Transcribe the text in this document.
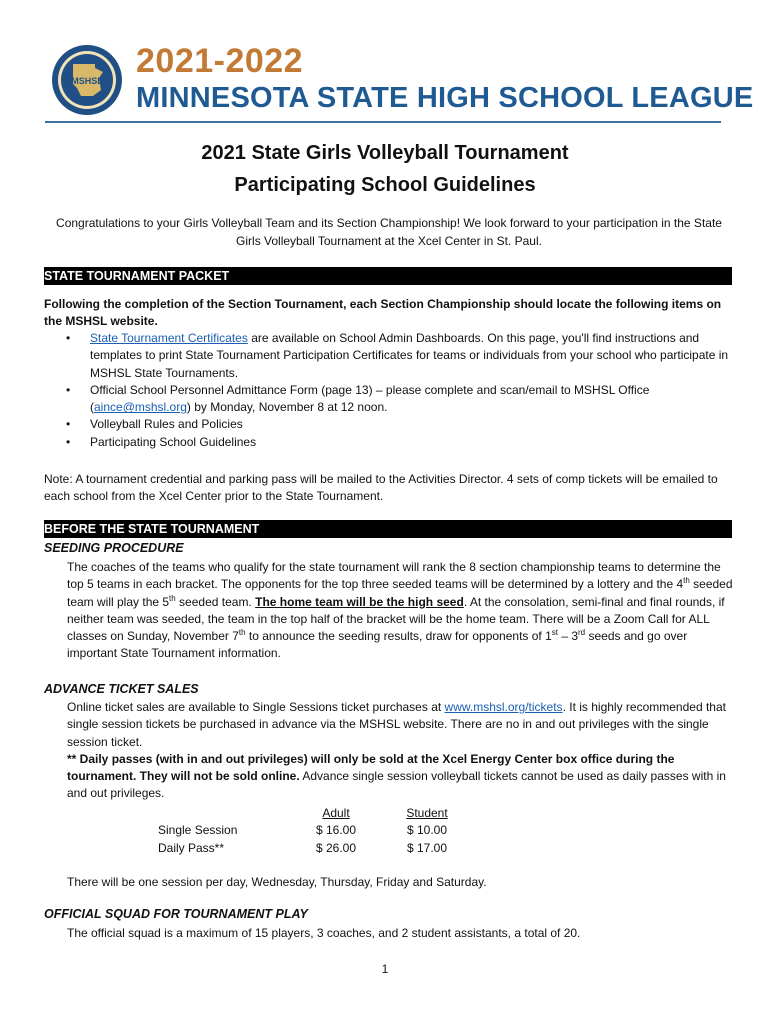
MSHSL
2021-2022
MINNESOTA STATE HIGH SCHOOL LEAGUE
2021 State Girls Volleyball Tournament
Participating School Guidelines
Congratulations to your Girls Volleyball Team and its Section Championship! We look forward to your participation in the State Girls Volleyball Tournament at the Xcel Center in St. Paul.
STATE TOURNAMENT PACKET
Following the completion of the Section Tournament, each Section Championship should locate the following items on the MSHSL website.
• State Tournament Certificates are available on School Admin Dashboards. On this page, you'll find instructions and templates to print State Tournament Participation Certificates for teams or individuals from your school who participate in MSHSL State Tournaments.
• Official School Personnel Admittance Form (page 13) – please complete and scan/email to MSHSL Office (aince@mshsl.org) by Monday, November 8 at 12 noon.
• Volleyball Rules and Policies
• Participating School Guidelines
Note: A tournament credential and parking pass will be mailed to the Activities Director. 4 sets of comp tickets will be emailed to each school from the Xcel Center prior to the State Tournament.
BEFORE THE STATE TOURNAMENT
SEEDING PROCEDURE
The coaches of the teams who qualify for the state tournament will rank the 8 section championship teams to determine the top 5 teams in each bracket. The opponents for the top three seeded teams will be determined by a lottery and the 4th seeded team will play the 5th seeded team. The home team will be the high seed. At the consolation, semi-final and final rounds, if neither team was seeded, the team in the top half of the bracket will be the home team. There will be a Zoom Call for ALL classes on Sunday, November 7th to announce the seeding results, draw for opponents of 1st – 3rd seeds and go over important State Tournament information.
ADVANCE TICKET SALES
Online ticket sales are available to Single Sessions ticket purchases at www.mshsl.org/tickets. It is highly recommended that single session tickets be purchased in advance via the MSHSL website. There are no in and out privileges with the single session ticket.
** Daily passes (with in and out privileges) will only be sold at the Xcel Energy Center box office during the tournament. They will not be sold online. Advance single session volleyball tickets cannot be used as daily passes with in and out privileges.
	Adult	Student
Single Session	$ 16.00	$ 10.00
Daily Pass**	$ 26.00	$ 17.00
There will be one session per day, Wednesday, Thursday, Friday and Saturday.
OFFICIAL SQUAD FOR TOURNAMENT PLAY
The official squad is a maximum of 15 players, 3 coaches, and 2 student assistants, a total of 20.
1
